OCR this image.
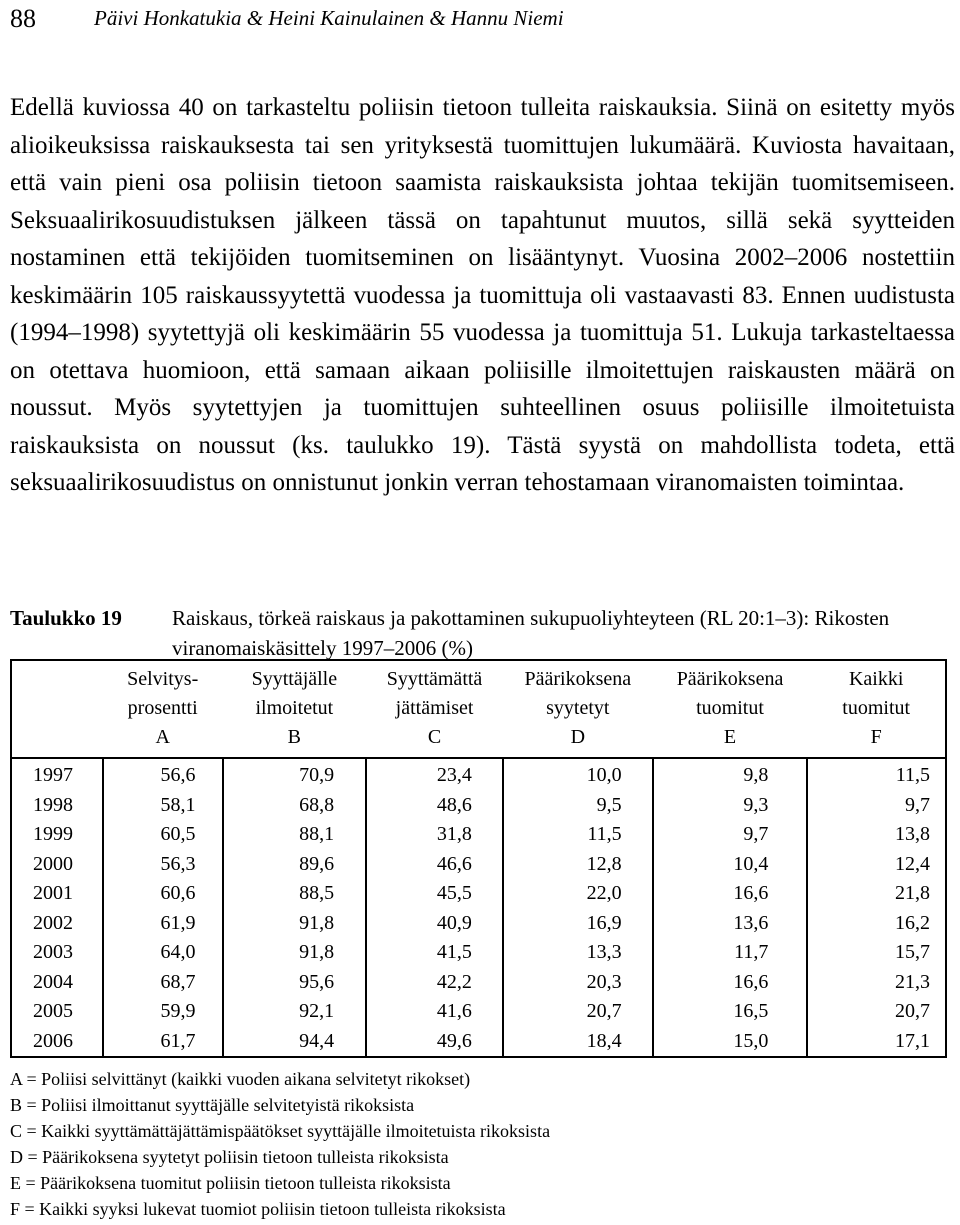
88	Päivi Honkatukia & Heini Kainulainen & Hannu Niemi

Edellä kuviossa 40 on tarkasteltu poliisin tietoon tulleita raiskauksia. Siinä on esitetty myös alioikeuksissa raiskauksesta tai sen yrityksestä tuomittujen lukumäärä. Kuviosta havaitaan, että vain pieni osa poliisin tietoon saamista raiskauksista johtaa tekijän tuomitsemiseen. Seksuaalirikosuudistuksen jälkeen tässä on tapahtunut muutos, sillä sekä syytteiden nostaminen että tekijöiden tuomitseminen on lisääntynyt. Vuosina 2002–2006 nostettiin keskimäärin 105 raiskaussyytettä vuodessa ja tuomittuja oli vastaavasti 83. Ennen uudistusta (1994–1998) syytettyjä oli keskimäärin 55 vuodessa ja tuomittuja 51. Lukuja tarkasteltaessa on otettava huomioon, että samaan aikaan poliisille ilmoitettujen raiskausten määrä on noussut. Myös syytettyjen ja tuomittujen suhteellinen osuus poliisille ilmoitetuista raiskauksista on noussut (ks. taulukko 19). Tästä syystä on mahdollista todeta, että seksuaalirikosuudistus on onnistunut jonkin verran tehostamaan viranomaisten toimintaa.

Taulukko 19 Raiskaus, törkeä raiskaus ja pakottaminen sukupuoliyhteyteen (RL 20:1–3): Rikosten viranomaiskäsittely 1997–2006 (%)
	Selvitys-	Syyttäjälle	Syyttämättä	Päärikoksena	Päärikoksena	Kaikki
	prosentti	ilmoitetut	jättämiset	syytetyt	tuomitut	tuomitut
	A	B	C	D	E	F
1997	56,6	70,9	23,4	10,0	9,8	11,5
1998	58,1	68,8	48,6	9,5	9,3	9,7
1999	60,5	88,1	31,8	11,5	9,7	13,8
2000	56,3	89,6	46,6	12,8	10,4	12,4
2001	60,6	88,5	45,5	22,0	16,6	21,8
2002	61,9	91,8	40,9	16,9	13,6	16,2
2003	64,0	91,8	41,5	13,3	11,7	15,7
2004	68,7	95,6	42,2	20,3	16,6	21,3
2005	59,9	92,1	41,6	20,7	16,5	20,7
2006	61,7	94,4	49,6	18,4	15,0	17,1
A = Poliisi selvittänyt (kaikki vuoden aikana selvitetyt rikokset)
B = Poliisi ilmoittanut syyttäjälle selvitetyistä rikoksista
C = Kaikki syyttämättäjättämispäätökset syyttäjälle ilmoitetuista rikoksista
D = Päärikoksena syytetyt poliisin tietoon tulleista rikoksista
E = Päärikoksena tuomitut poliisin tietoon tulleista rikoksista
F = Kaikki syyksi lukevat tuomiot poliisin tietoon tulleista rikoksista
